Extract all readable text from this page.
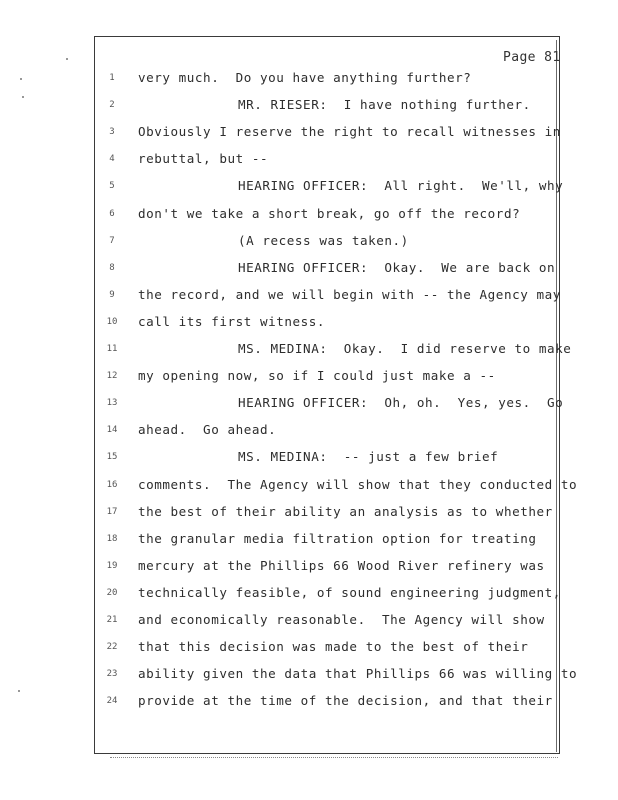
Page 81
1	very much.  Do you have anything further?
2	MR. RIESER:  I have nothing further.
3	Obviously I reserve the right to recall witnesses in
4	rebuttal, but --
5	HEARING OFFICER:  All right.  We'll, why
6	don't we take a short break, go off the record?
7	(A recess was taken.)
8	HEARING OFFICER:  Okay.  We are back on
9	the record, and we will begin with -- the Agency may
10 call its first witness.
11	MS. MEDINA:  Okay.  I did reserve to make
12 my opening now, so if I could just make a --
13	HEARING OFFICER:  Oh, oh.  Yes, yes.  Go
14 ahead.  Go ahead.
15	MS. MEDINA:  -- just a few brief
16 comments.  The Agency will show that they conducted to
17 the best of their ability an analysis as to whether
18 the granular media filtration option for treating
19 mercury at the Phillips 66 Wood River refinery was
20 technically feasible, of sound engineering judgment,
21 and economically reasonable.  The Agency will show
22 that this decision was made to the best of their
23 ability given the data that Phillips 66 was willing to
24 provide at the time of the decision, and that their
